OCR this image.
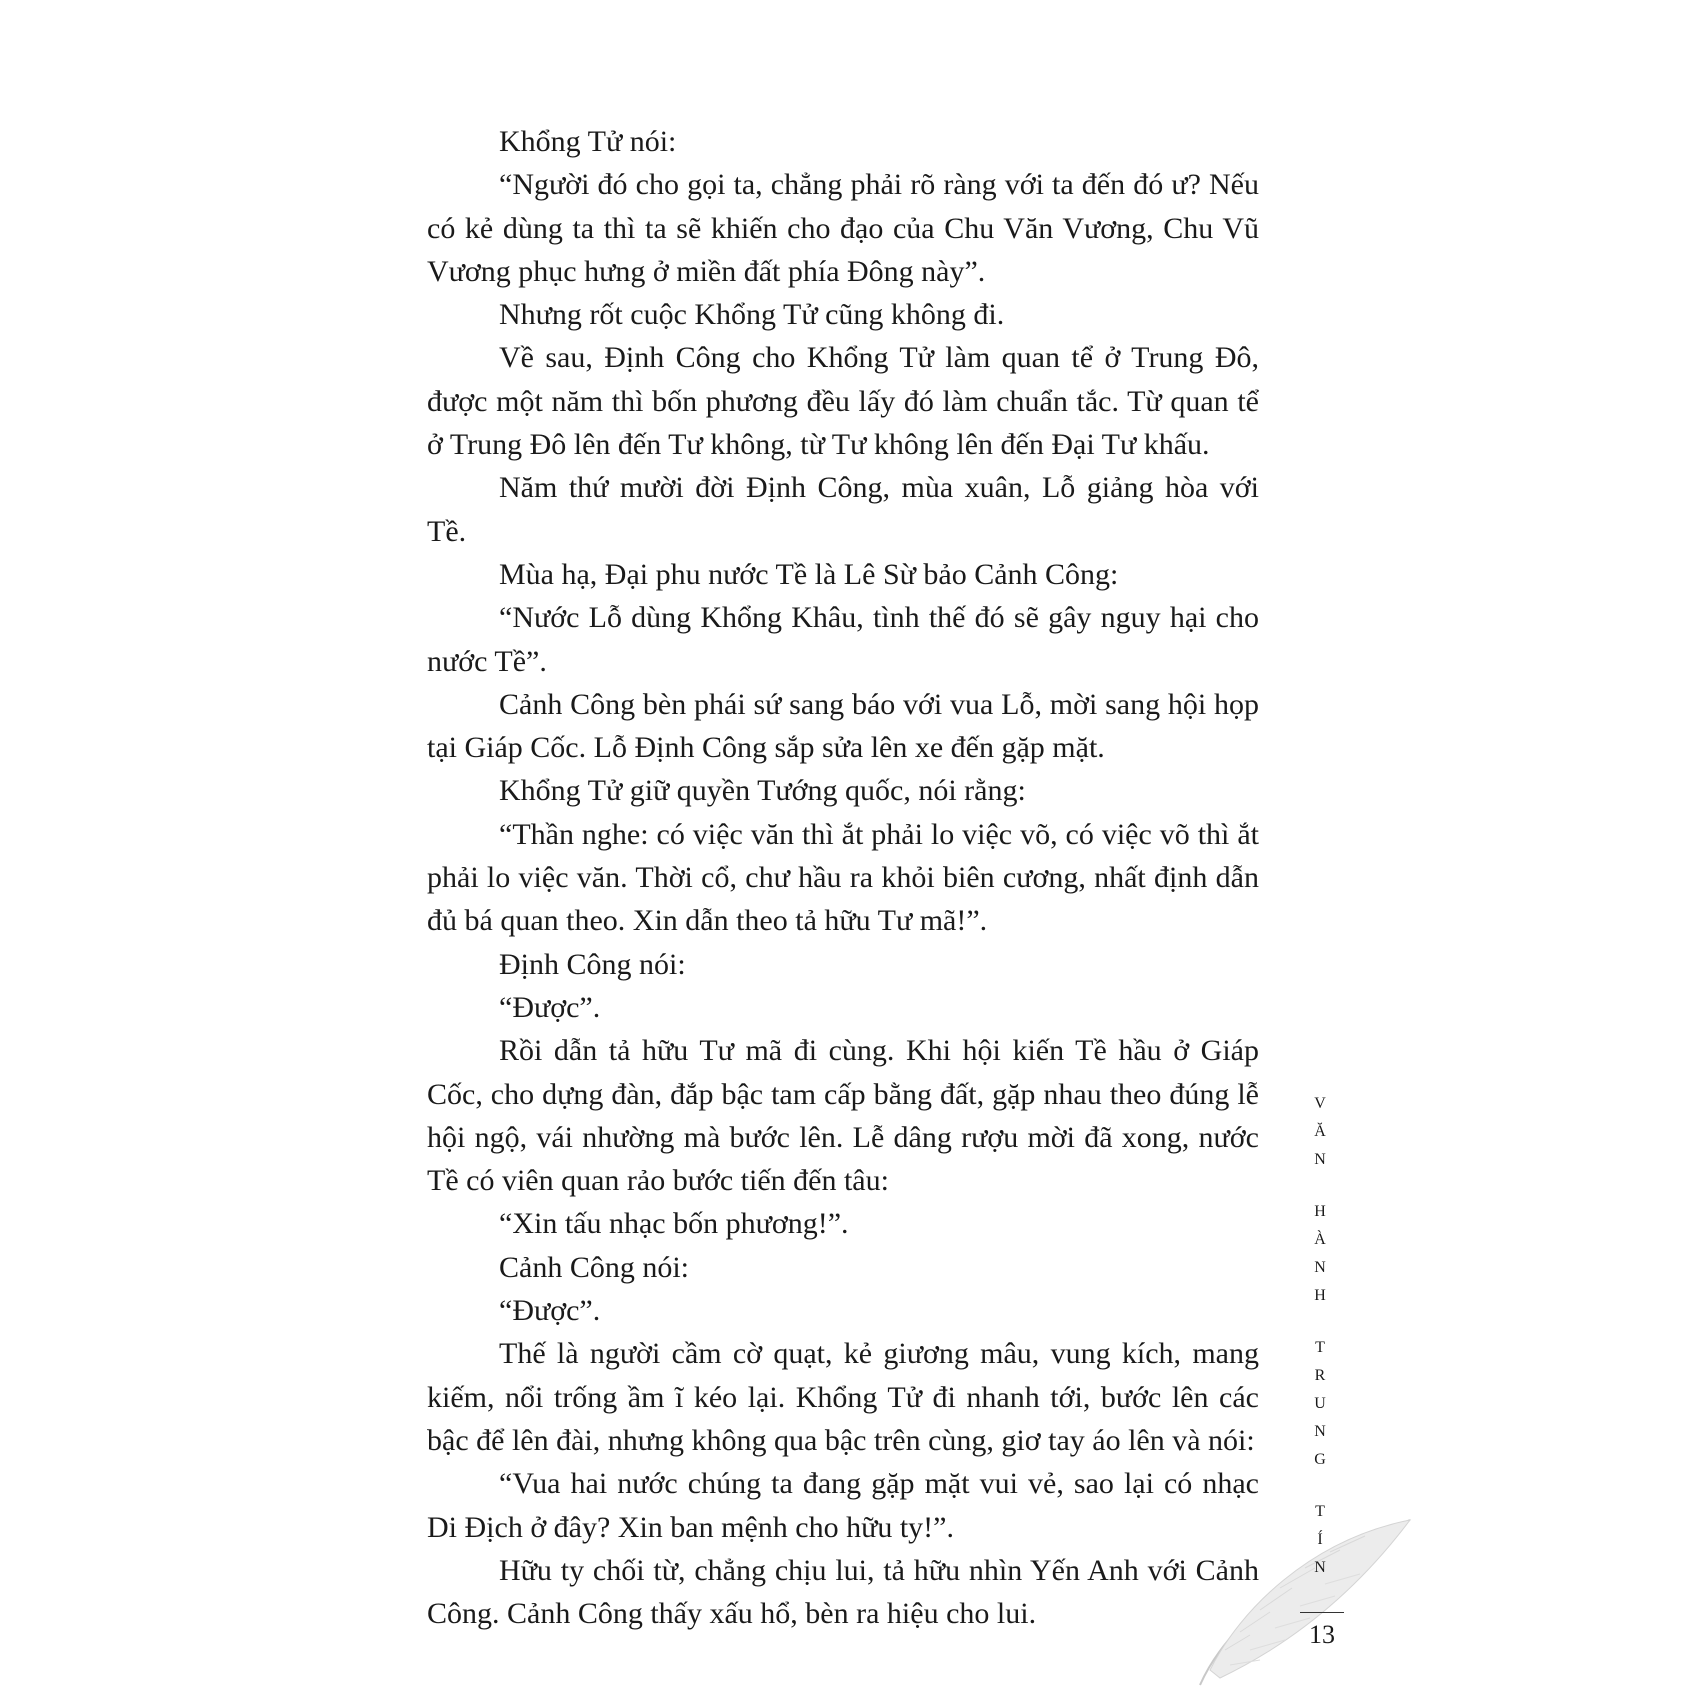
Khổng Tử nói:

“Người đó cho gọi ta, chẳng phải rõ ràng với ta đến đó ư? Nếu có kẻ dùng ta thì ta sẽ khiến cho đạo của Chu Văn Vương, Chu Vũ Vương phục hưng ở miền đất phía Đông này”.

Nhưng rốt cuộc Khổng Tử cũng không đi.

Về sau, Định Công cho Khổng Tử làm quan tể ở Trung Đô, được một năm thì bốn phương đều lấy đó làm chuẩn tắc. Từ quan tể ở Trung Đô lên đến Tư không, từ Tư không lên đến Đại Tư khấu.

Năm thứ mười đời Định Công, mùa xuân, Lỗ giảng hòa với Tề.

Mùa hạ, Đại phu nước Tề là Lê Sừ bảo Cảnh Công:

“Nước Lỗ dùng Khổng Khâu, tình thế đó sẽ gây nguy hại cho nước Tề”.

Cảnh Công bèn phái sứ sang báo với vua Lỗ, mời sang hội họp tại Giáp Cốc. Lỗ Định Công sắp sửa lên xe đến gặp mặt.

Khổng Tử giữ quyền Tướng quốc, nói rằng:

“Thần nghe: có việc văn thì ắt phải lo việc võ, có việc võ thì ắt phải lo việc văn. Thời cổ, chư hầu ra khỏi biên cương, nhất định dẫn đủ bá quan theo. Xin dẫn theo tả hữu Tư mã!”.

Định Công nói:

“Được”.

Rồi dẫn tả hữu Tư mã đi cùng. Khi hội kiến Tề hầu ở Giáp Cốc, cho dựng đàn, đắp bậc tam cấp bằng đất, gặp nhau theo đúng lễ hội ngộ, vái nhường mà bước lên. Lễ dâng rượu mời đã xong, nước Tề có viên quan rảo bước tiến đến tâu:

“Xin tấu nhạc bốn phương!”.

Cảnh Công nói:

“Được”.

Thế là người cầm cờ quạt, kẻ giương mâu, vung kích, mang kiếm, nổi trống ầm ĩ kéo lại. Khổng Tử đi nhanh tới, bước lên các bậc để lên đài, nhưng không qua bậc trên cùng, giơ tay áo lên và nói:

“Vua hai nước chúng ta đang gặp mặt vui vẻ, sao lại có nhạc Di Địch ở đây? Xin ban mệnh cho hữu ty!”.

Hữu ty chối từ, chẳng chịu lui, tả hữu nhìn Yến Anh với Cảnh Công. Cảnh Công thấy xấu hổ, bèn ra hiệu cho lui.

V
Ă
N
H
À
N
H
T
R
U
N
G
T
Í
N
13
